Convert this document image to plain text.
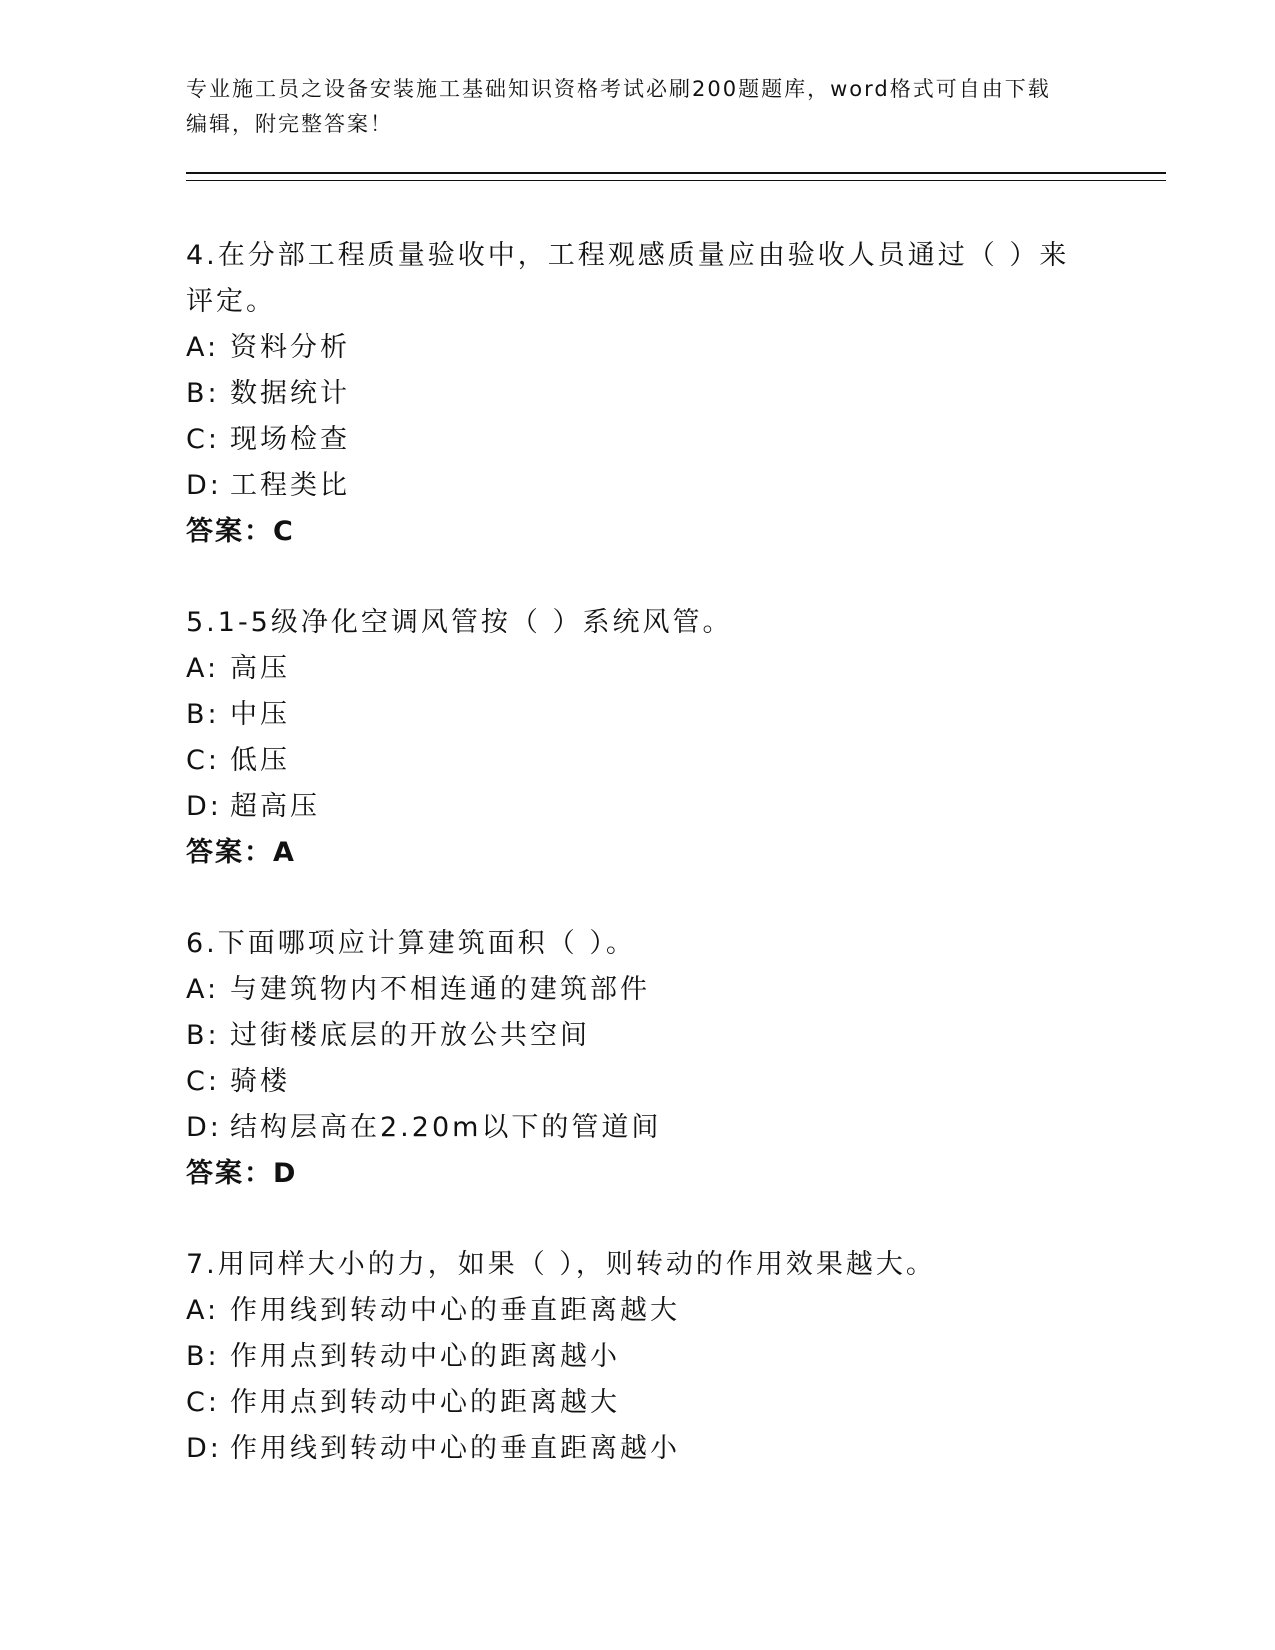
专业施工员之设备安装施工基础知识资格考试必刷200题题库，word格式可自由下载编辑，附完整答案！
4.在分部工程质量验收中，工程观感质量应由验收人员通过（ ）来评定。
A: 资料分析
B: 数据统计
C: 现场检查
D: 工程类比
答案：C
5.1-5级净化空调风管按（ ）系统风管。
A: 高压
B: 中压
C: 低压
D: 超高压
答案：A
6.下面哪项应计算建筑面积（ ）。
A: 与建筑物内不相连通的建筑部件
B: 过街楼底层的开放公共空间
C: 骑楼
D: 结构层高在2.20m以下的管道间
答案：D
7.用同样大小的力，如果（ ），则转动的作用效果越大。
A: 作用线到转动中心的垂直距离越大
B: 作用点到转动中心的距离越小
C: 作用点到转动中心的距离越大
D: 作用线到转动中心的垂直距离越小
